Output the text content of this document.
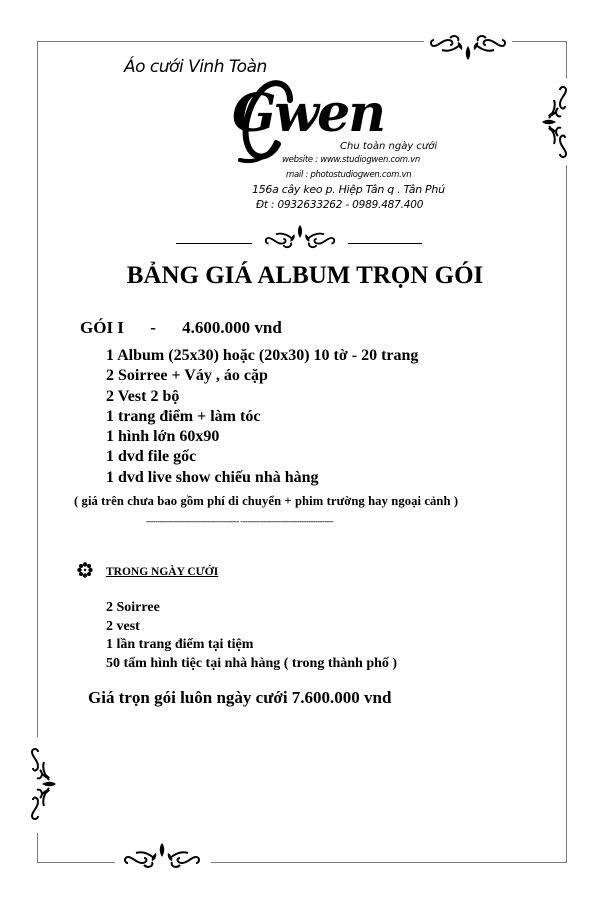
Áo cưới Vinh Toàn
Gwen
Chu toàn ngày cưới
website : www.studiogwen.com.vn
mail : photostudiogwen.com.vn
156a cây keo p. Hiệp Tân q . Tân Phú
Đt : 0932633262 - 0989.487.400
BẢNG GIÁ ALBUM TRỌN GÓI
GÓI I - 4.600.000 vnd
1 Album (25x30) hoặc (20x30) 10 tờ - 20 trang
2 Soirree + Váy , áo cặp
2 Vest 2 bộ
1 trang điểm + làm tóc
1 hình lớn 60x90
1 dvd file gốc
1 dvd live show chiếu nhà hàng
( giá trên chưa bao gồm phí di chuyển + phim trường hay ngoại cảnh )
----------------------------------------- -----------------------------------------
TRONG NGÀY CƯỚI
2 Soirree
2 vest
1 lần trang điểm tại tiệm
50 tấm hình tiệc tại nhà hàng ( trong thành phố )
Giá trọn gói luôn ngày cưới 7.600.000 vnd
